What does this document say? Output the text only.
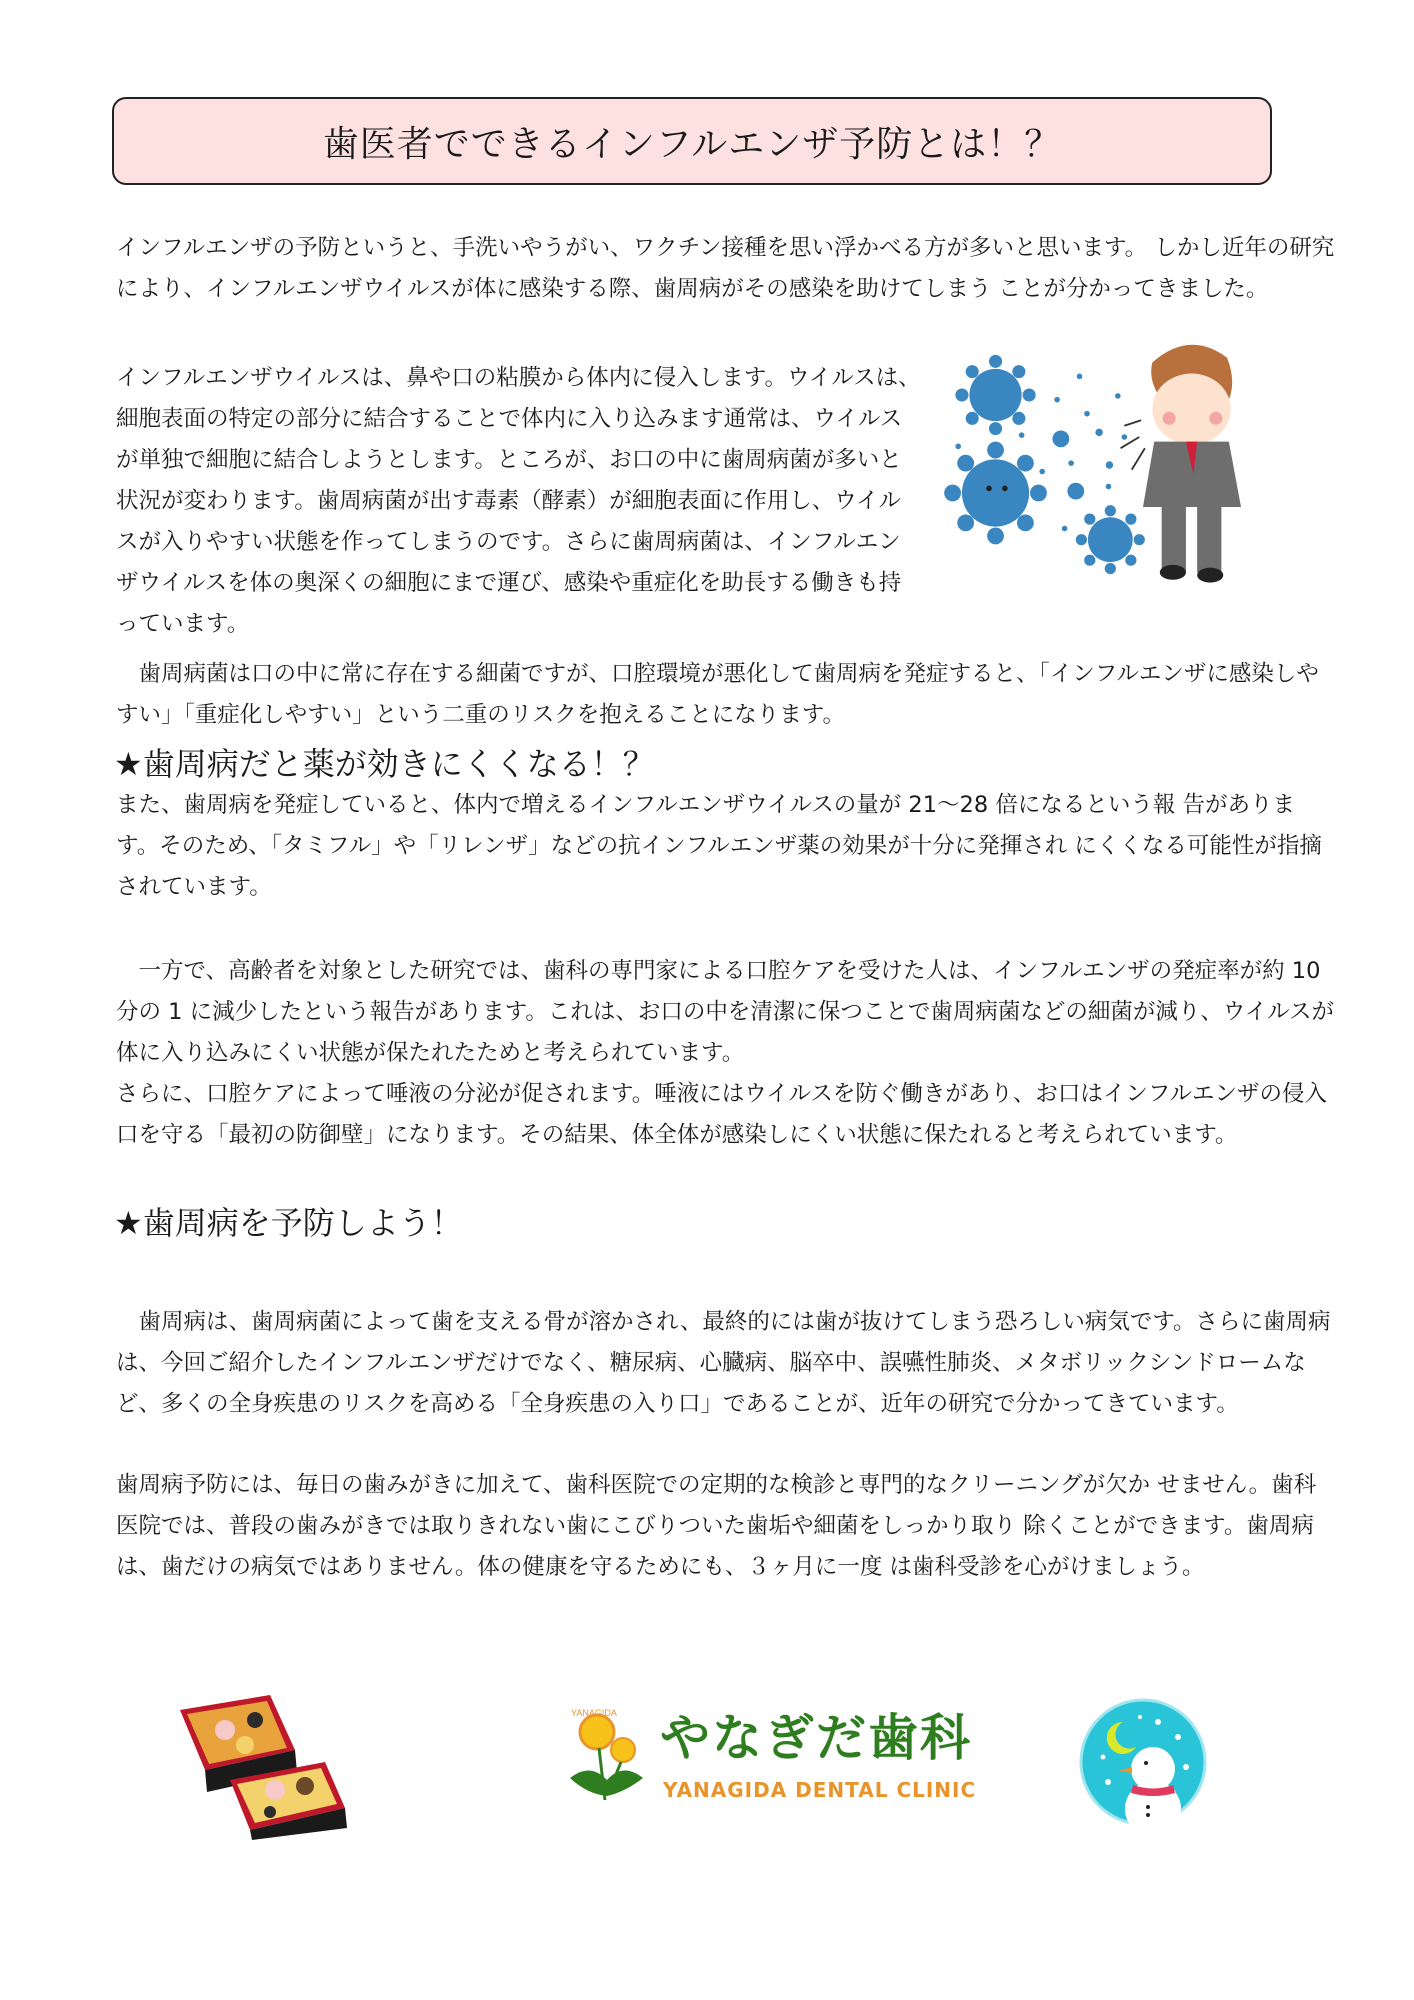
歯医者でできるインフルエンザ予防とは！？

インフルエンザの予防というと、手洗いやうがい、ワクチン接種を思い浮かべる方が多いと思います。 しかし近年の研究により、インフルエンザウイルスが体に感染する際、歯周病がその感染を助けてしまう ことが分かってきました。

インフルエンザウイルスは、鼻や口の粘膜から体内に侵入します。ウイルスは、細胞表面の特定の部分に結合することで体内に入り込みます通常は、ウイルスが単独で細胞に結合しようとします。ところが、お口の中に歯周病菌が多いと状況が変わります。歯周病菌が出す毒素（酵素）が細胞表面に作用し、ウイルスが入りやすい状態を作ってしまうのです。さらに歯周病菌は、インフルエンザウイルスを体の奥深くの細胞にまで運び、感染や重症化を助長する働きも持っています。

歯周病菌は口の中に常に存在する細菌ですが、口腔環境が悪化して歯周病を発症すると、「インフルエンザに感染しやすい」「重症化しやすい」という二重のリスクを抱えることになります。

★歯周病だと薬が効きにくくなる！？

また、歯周病を発症していると、体内で増えるインフルエンザウイルスの量が 21～28 倍になるという報 告があります。そのため、「タミフル」や「リレンザ」などの抗インフルエンザ薬の効果が十分に発揮され にくくなる可能性が指摘されています。

一方で、高齢者を対象とした研究では、歯科の専門家による口腔ケアを受けた人は、インフルエンザの発症率が約 10 分の 1 に減少したという報告があります。これは、お口の中を清潔に保つことで歯周病菌などの細菌が減り、ウイルスが体に入り込みにくい状態が保たれたためと考えられています。

さらに、口腔ケアによって唾液の分泌が促されます。唾液にはウイルスを防ぐ働きがあり、お口はインフルエンザの侵入口を守る「最初の防御壁」になります。その結果、体全体が感染しにくい状態に保たれると考えられています。

★歯周病を予防しよう！

歯周病は、歯周病菌によって歯を支える骨が溶かされ、最終的には歯が抜けてしまう恐ろしい病気です。さらに歯周病は、今回ご紹介したインフルエンザだけでなく、糖尿病、心臓病、脳卒中、誤嚥性肺炎、メタボリックシンドロームなど、多くの全身疾患のリスクを高める「全身疾患の入り口」であることが、近年の研究で分かってきています。

歯周病予防には、毎日の歯みがきに加えて、歯科医院での定期的な検診と専門的なクリーニングが欠か せません。歯科医院では、普段の歯みがきでは取りきれない歯にこびりついた歯垢や細菌をしっかり取り 除くことができます。歯周病は、歯だけの病気ではありません。体の健康を守るためにも、３ヶ月に一度 は歯科受診を心がけましょう。

YANAGIDA やなぎだ歯科
YANAGIDA DENTAL CLINIC
